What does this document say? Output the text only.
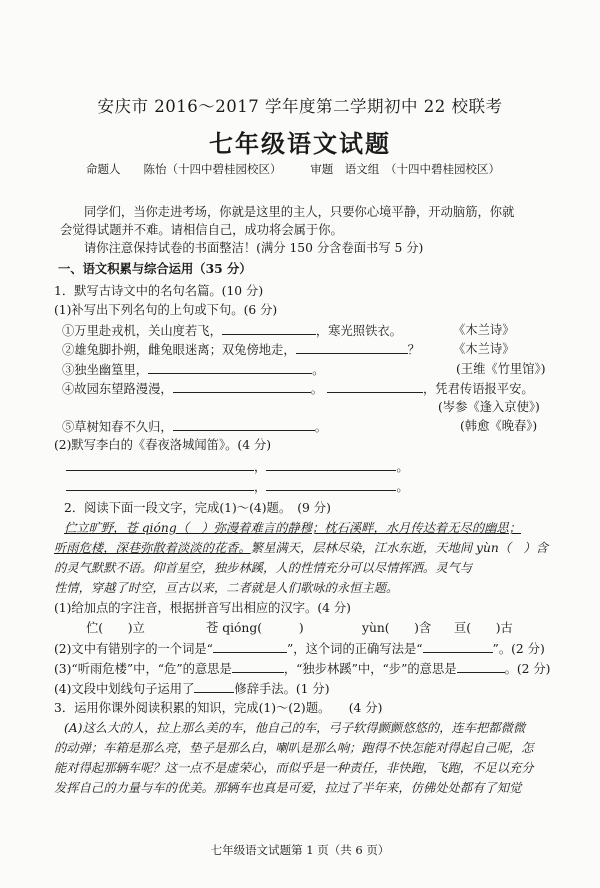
安庆市 2016～2017 学年度第二学期初中 22 校联考
七年级语文试题
命题人　　陈怡（十四中碧桂园校区）　　　审题　语文组　（十四中碧桂园校区）
同学们，当你走进考场，你就是这里的主人，只要你心境平静，开动脑筋，你就
会觉得试题并不难。请相信自己，成功将会属于你。
请你注意保持试卷的书面整洁！(满分 150 分含卷面书写 5 分)
一、语文积累与综合运用（35 分）
1．默写古诗文中的名句名篇。(10 分)
(1)补写出下列名句的上句或下句。(6 分)
①万里赴戎机，关山度若飞，	，寒光照铁衣。	《木兰诗》
②雄兔脚扑朔，雌兔眼迷离；双兔傍地走，	？	《木兰诗》
③独坐幽篁里，	。	(王维《竹里馆》)
④故园东望路漫漫，	。	，凭君传语报平安。
(岑参《逢入京使》)
⑤草树知春不久归，	。	(韩愈《晚春》)
(2)默写李白的《春夜洛城闻笛》。(4 分)
，	。
，	。
2．阅读下面一段文字，完成(1)～(4)题。　(9 分)
伫立旷野，苍 qióng（　）弥漫着难言的静穆；枕石溪畔，水月传达着无尽的幽思；
听雨危楼，深巷弥散着淡淡的花香。繁星满天，层林尽染，江水东逝，天地间 yùn（　）含
的灵气默默不语。仰首星空，独步林蹊，人的性情充分可以尽情挥洒。灵气与
性情，穿越了时空，亘古以来，二者就是人们歌咏的永恒主题。
(1)给加点的字注音，根据拼音写出相应的汉字。(4 分)
伫(　　)立	苍 qióng(　　　)	yùn(　　)含 亘(　　)古
(2)文中有错别字的一个词是“	”，这个词的正确写法是“	”。(2 分)
(3)“听雨危楼”中，“危”的意思是	，“独步林蹊”中，“步”的意思是	。(2 分)
(4)文段中划线句子运用了	修辞手法。(1 分)
3．运用你课外阅读积累的知识，完成(1)～(2)题。　　(4 分)
(A)这么大的人，拉上那么美的车，他自己的车，弓子软得颤颤悠悠的，连车把都微微
的动弹；车箱是那么亮，垫子是那么白，喇叭是那么响；跑得不快怎能对得起自己呢，怎
能对得起那辆车呢？这一点不是虚荣心，而似乎是一种责任，非快跑，飞跑，不足以充分
发挥自己的力量与车的优美。那辆车也真是可爱，拉过了半年来，仿佛处处都有了知觉
七年级语文试题第 1 页（共 6 页）
